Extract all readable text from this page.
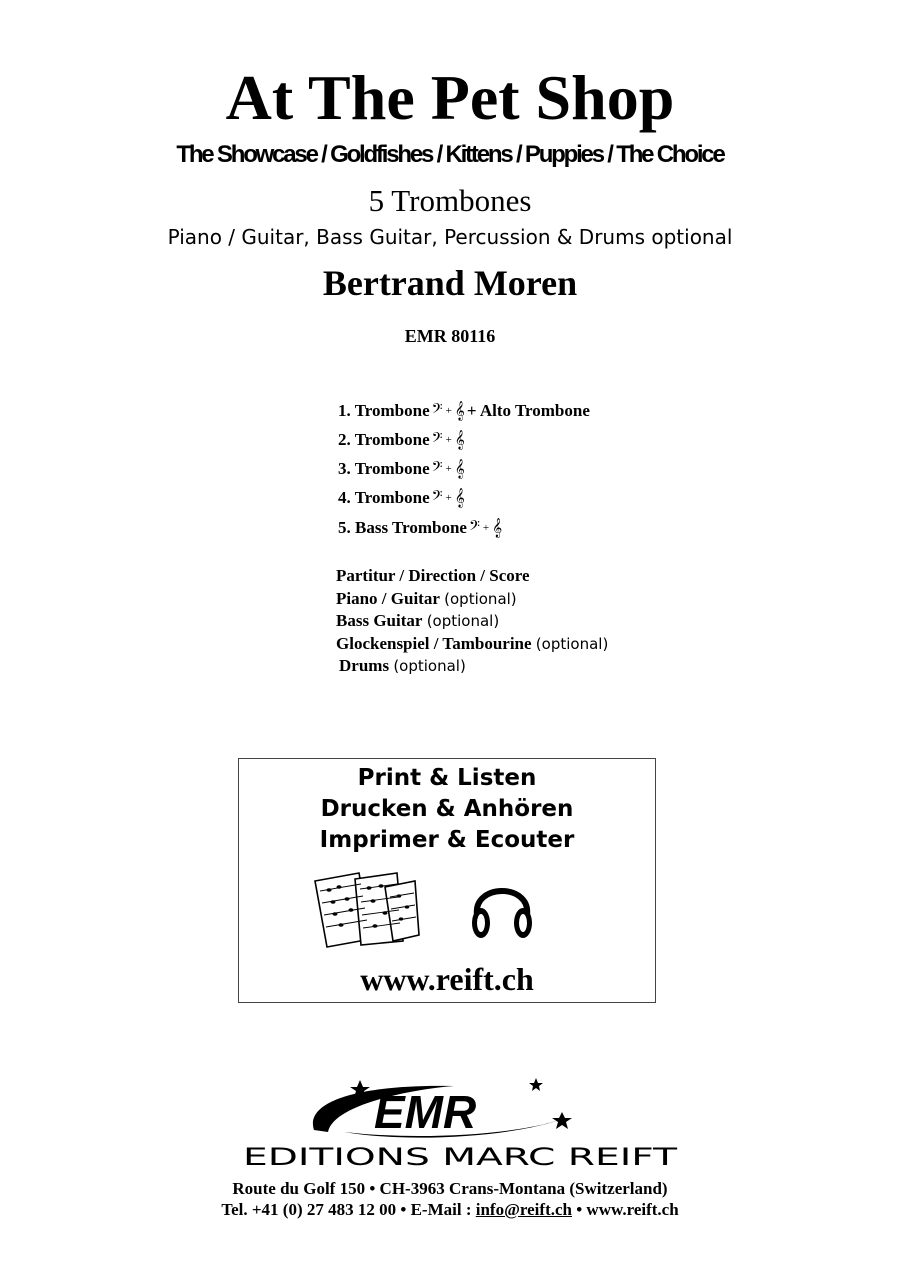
At The Pet Shop
The Showcase / Goldfishes / Kittens / Puppies / The Choice
5 Trombones
Piano / Guitar, Bass Guitar, Percussion & Drums optional
Bertrand Moren
EMR 80116
1. Trombone 𝄢 + 𝄞 + Alto Trombone
2. Trombone 𝄢 + 𝄞
3. Trombone 𝄢 + 𝄞
4. Trombone 𝄢 + 𝄞
5. Bass Trombone 𝄢 + 𝄞
Partitur / Direction / Score
Piano / Guitar (optional)
Bass Guitar (optional)
Glockenspiel / Tambourine (optional)
Drums (optional)
Print & Listen
Drucken & Anhören
Imprimer & Ecouter
www.reift.ch
EMR
EDITIONS MARC REIFT
Route du Golf 150 • CH-3963 Crans-Montana (Switzerland)
Tel. +41 (0) 27 483 12 00 • E-Mail : info@reift.ch • www.reift.ch
